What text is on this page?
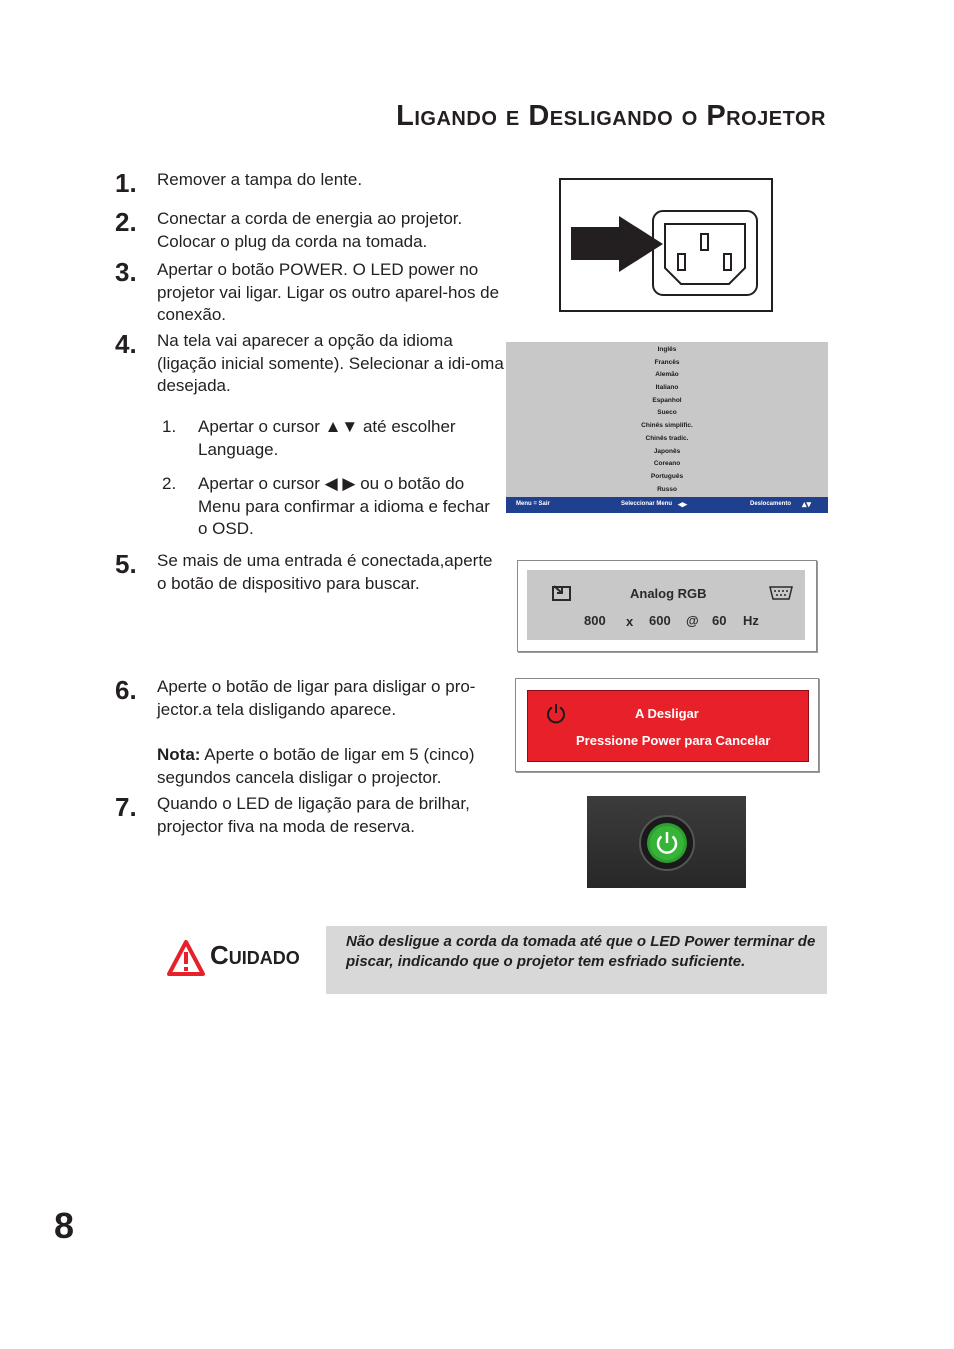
Ligando e Desligando o Projetor
1. Remover a tampa do lente.
2. Conectar a corda de energia ao projetor. Colocar o plug da corda na tomada.
3. Apertar o botão POWER. O LED power no projetor vai ligar. Ligar os outro aparel-hos de conexão.
4. Na tela vai aparecer a opção da idioma (ligação inicial somente). Selecionar a idi-oma desejada.
1. Apertar o cursor ▲▼ até escolher Language.
2. Apertar o cursor ◀ ▶ ou o botão do Menu para confirmar a idioma e fechar o OSD.
5. Se mais de uma entrada é conectada,aperte o botão de dispositivo para buscar.
6. Aperte o botão de ligar para disligar o pro-jector.a tela disligando aparece.
Nota: Aperte o botão de ligar em 5 (cinco) segundos cancela disligar o projector.
7. Quando o LED de ligação para de brilhar, projector fiva na moda de reserva.
Inglês
Francês
Alemão
Italiano
Espanhol
Sueco
Chinês simplific.
Chinês tradic.
Japonês
Coreano
Português
Russo
Menu = Sair	Seleccionar Menu ◂▸	Deslocamento ▴▾
Analog RGB
800 x 600 @ 60 Hz
A Desligar
Pressione Power para Cancelar
Cuidado	Não desligue a corda da tomada até que o LED Power terminar de piscar, indicando que o projetor tem esfriado suficiente.
8
